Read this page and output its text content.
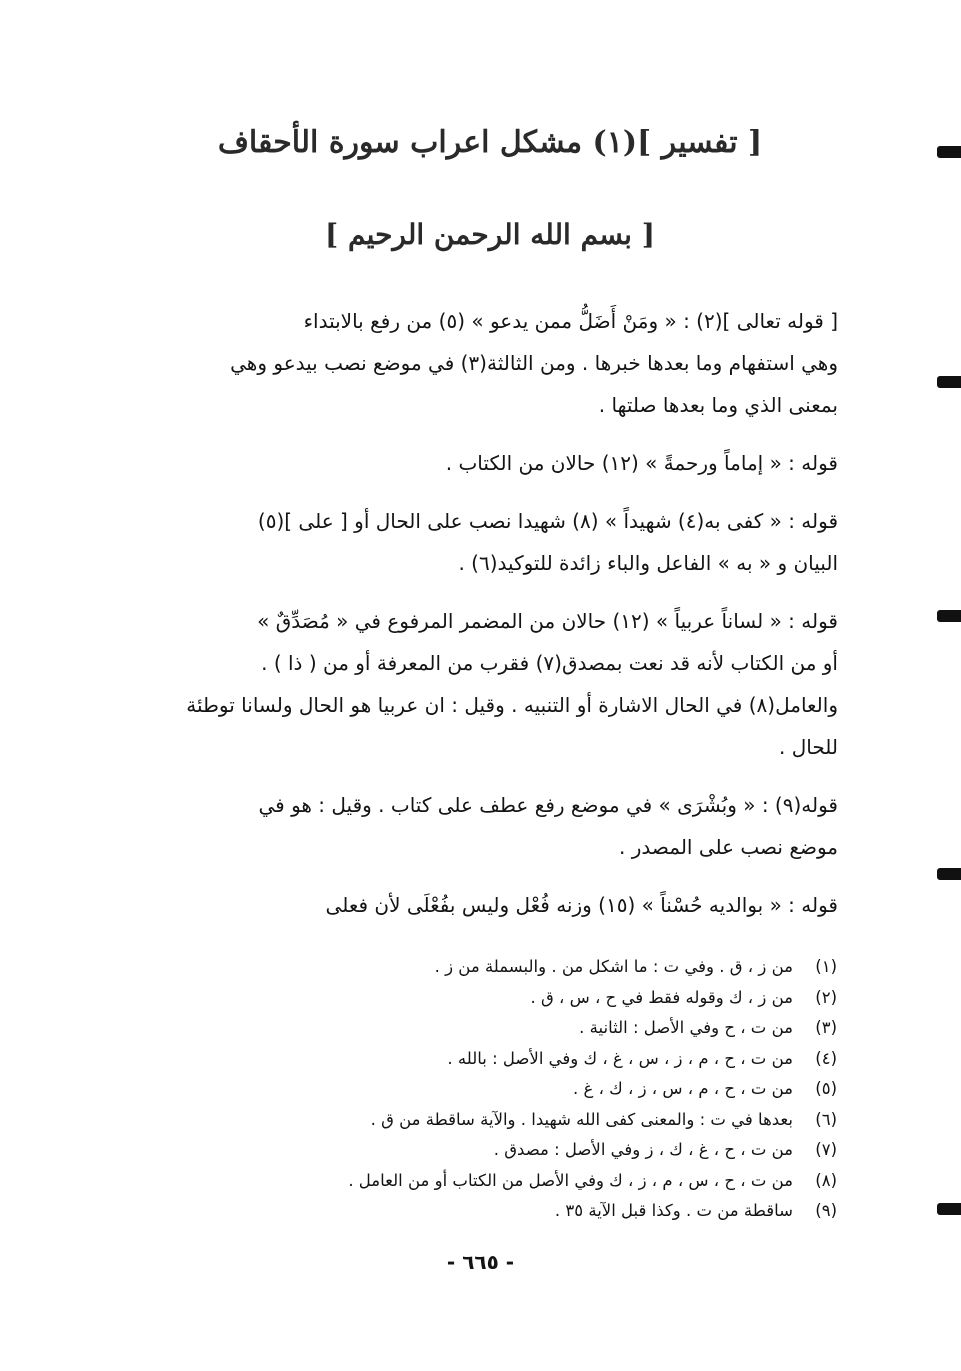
[ تفسير ](١) مشكل اعراب سورة الأحقاف
[ بسم الله الرحمن الرحيم ]

[ قوله تعالى ](٢) : « ومَنْ أَضَلُّ ممن يدعو » (٥) من رفع بالابتداء
وهي استفهام وما بعدها خبرها . ومن الثالثة(٣) في موضع نصب بيدعو وهي
بمعنى الذي وما بعدها صلتها .

قوله : « إماماً ورحمةً » (١٢) حالان من الكتاب .

قوله : « كفى به(٤) شهيداً » (٨) شهيدا نصب على الحال أو [ على ](٥)
البيان و « به » الفاعل والباء زائدة للتوكيد(٦) .

قوله : « لساناً عربياً » (١٢) حالان من المضمر المرفوع في « مُصَدِّقٌ »
أو من الكتاب لأنه قد نعت بمصدق(٧) فقرب من المعرفة أو من ( ذا ) .
والعامل(٨) في الحال الاشارة أو التنبيه . وقيل : ان عربيا هو الحال ولسانا توطئة
للحال .

قوله(٩) : « وبُشْرَى » في موضع رفع عطف على كتاب . وقيل : هو في
موضع نصب على المصدر .

قوله : « بوالديه حُسْناً » (١٥) وزنه فُعْل وليس بفُعْلَى لأن فعلى

(١)
من ز ، ق . وفي ت : ما اشكل من . والبسملة من ز .
(٢)
من ز ، ك وقوله فقط في ح ، س ، ق .
(٣)
من ت ، ح وفي الأصل : الثانية .
(٤)
من ت ، ح ، م ، ز ، س ، غ ، ك وفي الأصل : بالله .
(٥)
من ت ، ح ، م ، س ، ز ، ك ، غ .
(٦)
بعدها في ت : والمعنى كفى الله شهيدا . والآية ساقطة من ق .
(٧)
من ت ، ح ، غ ، ك ، ز وفي الأصل : مصدق .
(٨)
من ت ، ح ، س ، م ، ز ، ك وفي الأصل من الكتاب أو من العامل .
(٩)
ساقطة من ت . وكذا قبل الآية ٣٥ .
- ٦٦٥ -
